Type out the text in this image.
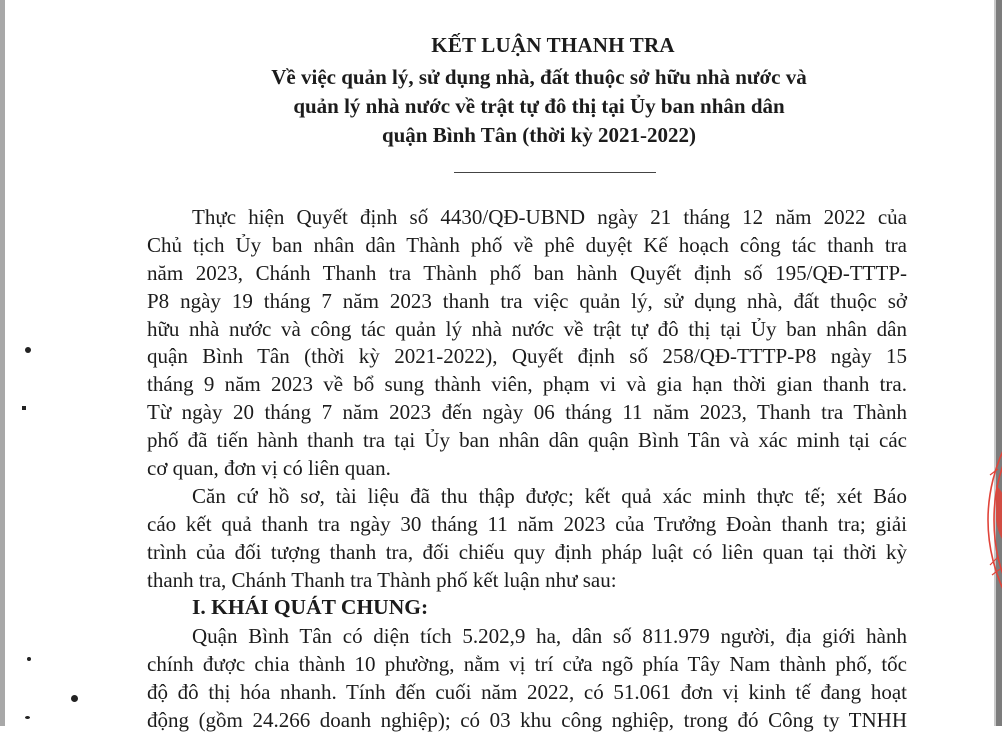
KẾT LUẬN THANH TRA
Về việc quản lý, sử dụng nhà, đất thuộc sở hữu nhà nước và
quản lý nhà nước về trật tự đô thị tại Ủy ban nhân dân
quận Bình Tân (thời kỳ 2021-2022)
Thực hiện Quyết định số 4430/QĐ-UBND ngày 21 tháng 12 năm 2022 của
Chủ tịch Ủy ban nhân dân Thành phố về phê duyệt Kế hoạch công tác thanh tra
năm 2023, Chánh Thanh tra Thành phố ban hành Quyết định số 195/QĐ-TTTP-
P8 ngày 19 tháng 7 năm 2023 thanh tra việc quản lý, sử dụng nhà, đất thuộc sở
hữu nhà nước và công tác quản lý nhà nước về trật tự đô thị tại Ủy ban nhân dân
quận Bình Tân (thời kỳ 2021-2022), Quyết định số 258/QĐ-TTTP-P8 ngày 15
tháng 9 năm 2023 về bổ sung thành viên, phạm vi và gia hạn thời gian thanh tra.
Từ ngày 20 tháng 7 năm 2023 đến ngày 06 tháng 11 năm 2023, Thanh tra Thành
phố đã tiến hành thanh tra tại Ủy ban nhân dân quận Bình Tân và xác minh tại các
cơ quan, đơn vị có liên quan.
Căn cứ hồ sơ, tài liệu đã thu thập được; kết quả xác minh thực tế; xét Báo
cáo kết quả thanh tra ngày 30 tháng 11 năm 2023 của Trưởng Đoàn thanh tra; giải
trình của đối tượng thanh tra, đối chiếu quy định pháp luật có liên quan tại thời kỳ
thanh tra, Chánh Thanh tra Thành phố kết luận như sau:
I. KHÁI QUÁT CHUNG:
Quận Bình Tân có diện tích 5.202,9 ha, dân số 811.979 người, địa giới hành
chính được chia thành 10 phường, nằm vị trí cửa ngõ phía Tây Nam thành phố, tốc
độ đô thị hóa nhanh. Tính đến cuối năm 2022, có 51.061 đơn vị kinh tế đang hoạt
động (gồm 24.266 doanh nghiệp); có 03 khu công nghiệp, trong đó Công ty TNHH
